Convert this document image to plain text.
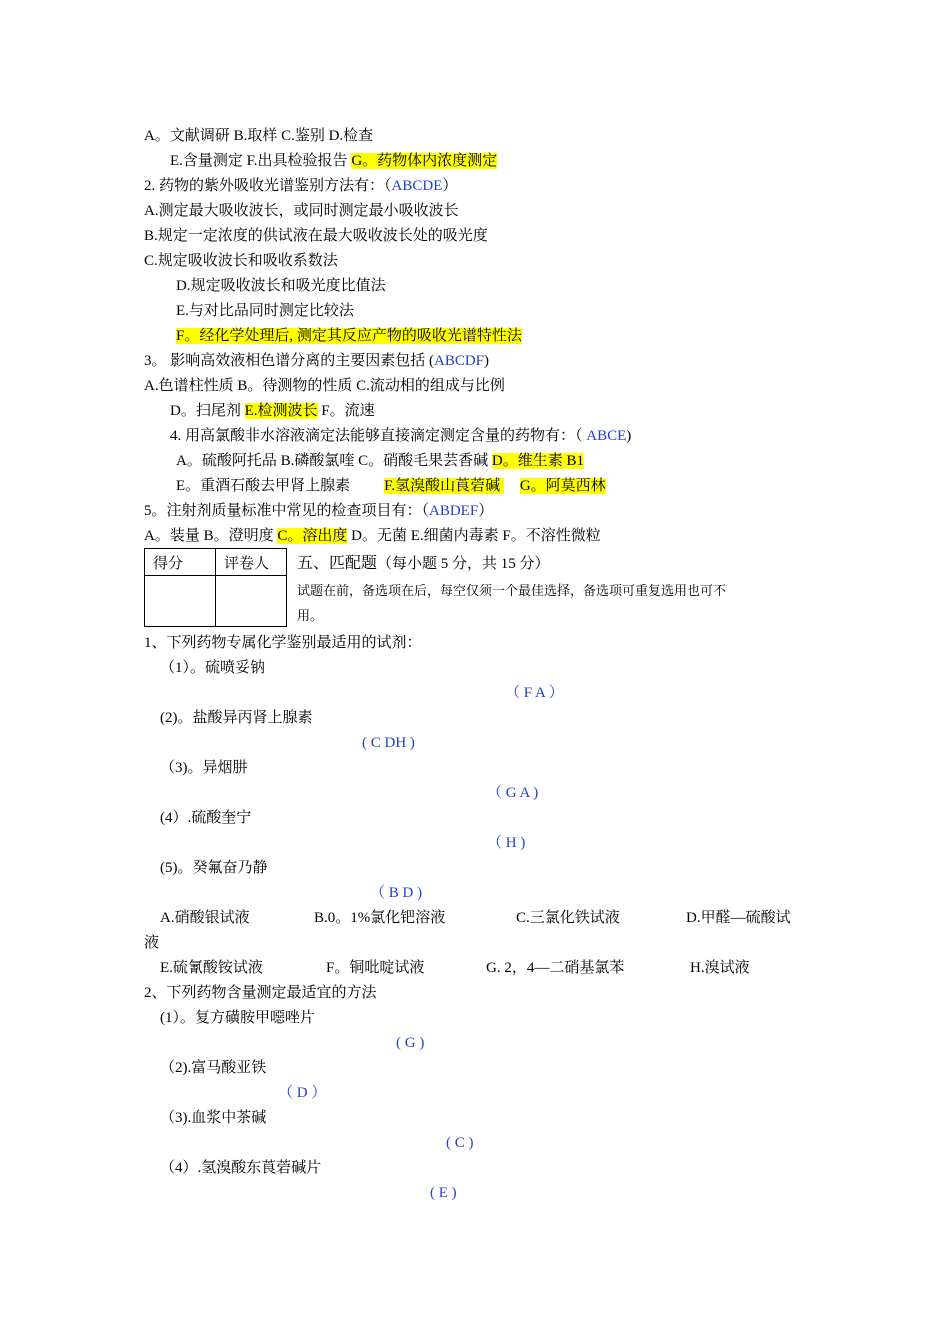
A。文献调研 B.取样 C.鉴别 D.检查
E.含量测定 F.出具检验报告 G。药物体内浓度测定
2. 药物的紫外吸收光谱鉴别方法有：（ABCDE）
A.测定最大吸收波长，或同时测定最小吸收波长
B.规定一定浓度的供试液在最大吸收波长处的吸光度
C.规定吸收波长和吸收系数法
D.规定吸收波长和吸光度比值法
E.与对比品同时测定比较法
F。经化学处理后, 测定其反应产物的吸收光谱特性法
3。 影响高效液相色谱分离的主要因素包括 (ABCDF)
A.色谱柱性质 B。待测物的性质 C.流动相的组成与比例
D。扫尾剂 E.检测波长 F。流速
4. 用高氯酸非水溶液滴定法能够直接滴定测定含量的药物有：（ ABCE)
A。硫酸阿托品 B.磷酸氯喹 C。硝酸毛果芸香碱 D。维生素 B1
E。重酒石酸去甲肾上腺素 F.氢溴酸山莨菪碱 G。阿莫西林
5。注射剂质量标准中常见的检查项目有：（ABDEF）
A。装量 B。澄明度 C。溶出度 D。无菌 E.细菌内毒素 F。不溶性微粒
得分	评卷人
	五、匹配题（每小题 5 分，共 15 分）
试题在前，备选项在后，每空仅须一个最佳选择，备选项可重复选用也可不
用。
1、下列药物专属化学鉴别最适用的试剂：
（1）。硫喷妥钠
（ F A ）
(2)。盐酸异丙肾上腺素
( C DH )
（3)。异烟肼
（ G A )
(4）.硫酸奎宁
（ H )
(5)。癸氟奋乃静
（ B D )
A.硝酸银试液	B.0。1%氯化钯溶液	C.三氯化铁试液	D.甲醛—硫酸试
液
E.硫氰酸铵试液	F。铜吡啶试液	G. 2，4—二硝基氯苯	H.溴试液
2、下列药物含量测定最适宜的方法
(1）。复方磺胺甲噁唑片
( G )
（2).富马酸亚铁
（ D ）
（3).血浆中茶碱
( C )
（4）.氢溴酸东莨菪碱片
( E )
